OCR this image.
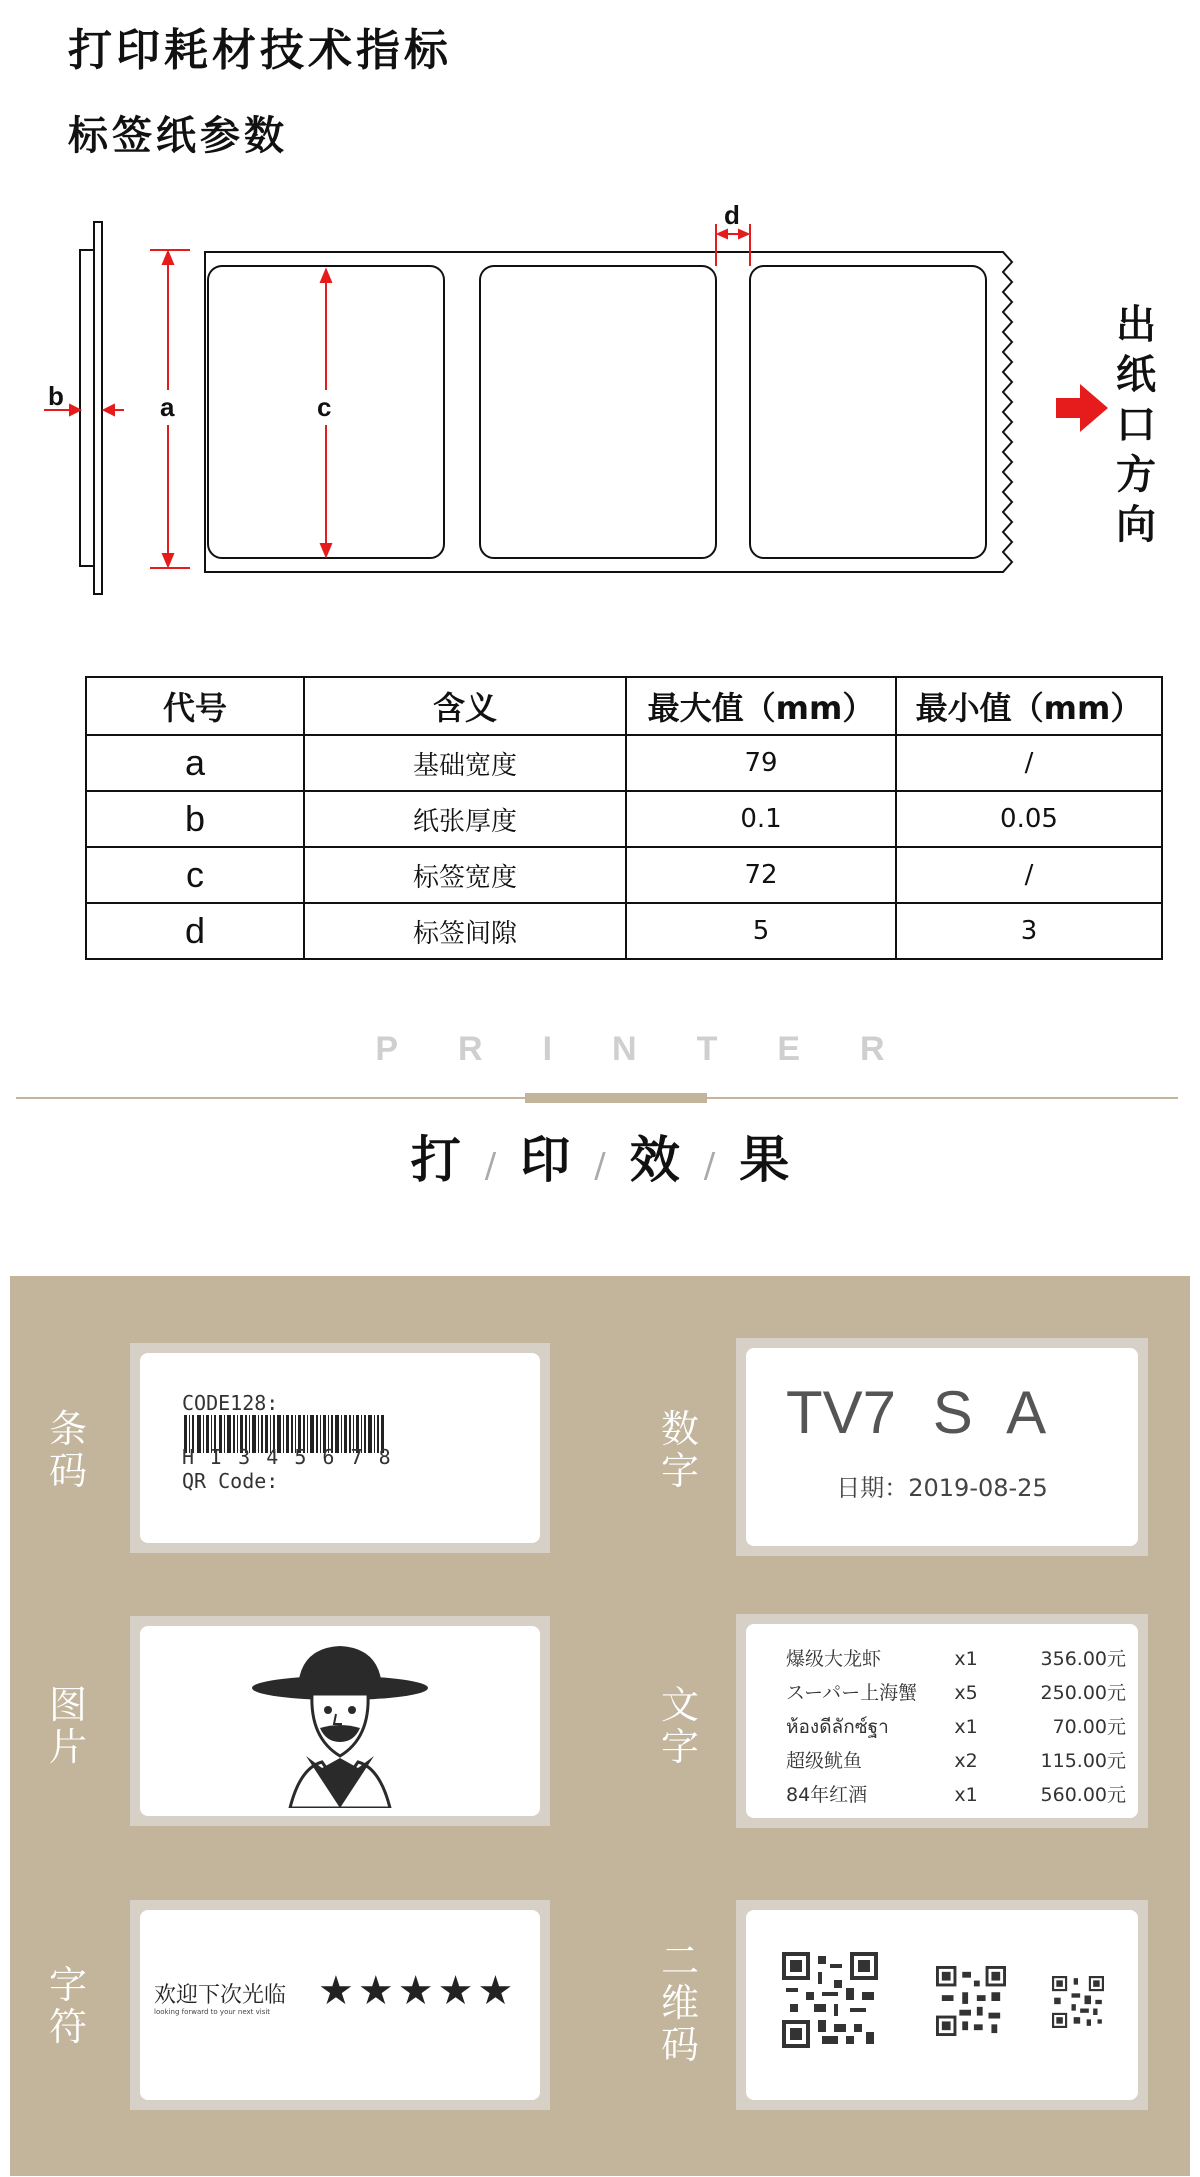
打印耗材技术指标
标签纸参数
b	a	c
d
出纸口方向
代号	含义	最大值（mm）	最小值（mm）
a	基础宽度	79	/
b	纸张厚度	0.1	0.05
c	标签宽度	72	/
d	标签间隙	5	3
PRINTER
打 / 印 / 效 / 果
条码
CODE128:
H I 3 4 5 6 7 8
QR Code:
数字
TV7 S A
日期：2019-08-25
图片
文字
爆级大龙虾	x1	356.00元
スーパー上海蟹	x5	250.00元
ห้องดีลักซ์ฐา	x1	70.00元
超级鱿鱼	x2	115.00元
84年红酒	x1	560.00元
字符
欢迎下次光临
looking forward to your next visit ★★★★★
二维码
